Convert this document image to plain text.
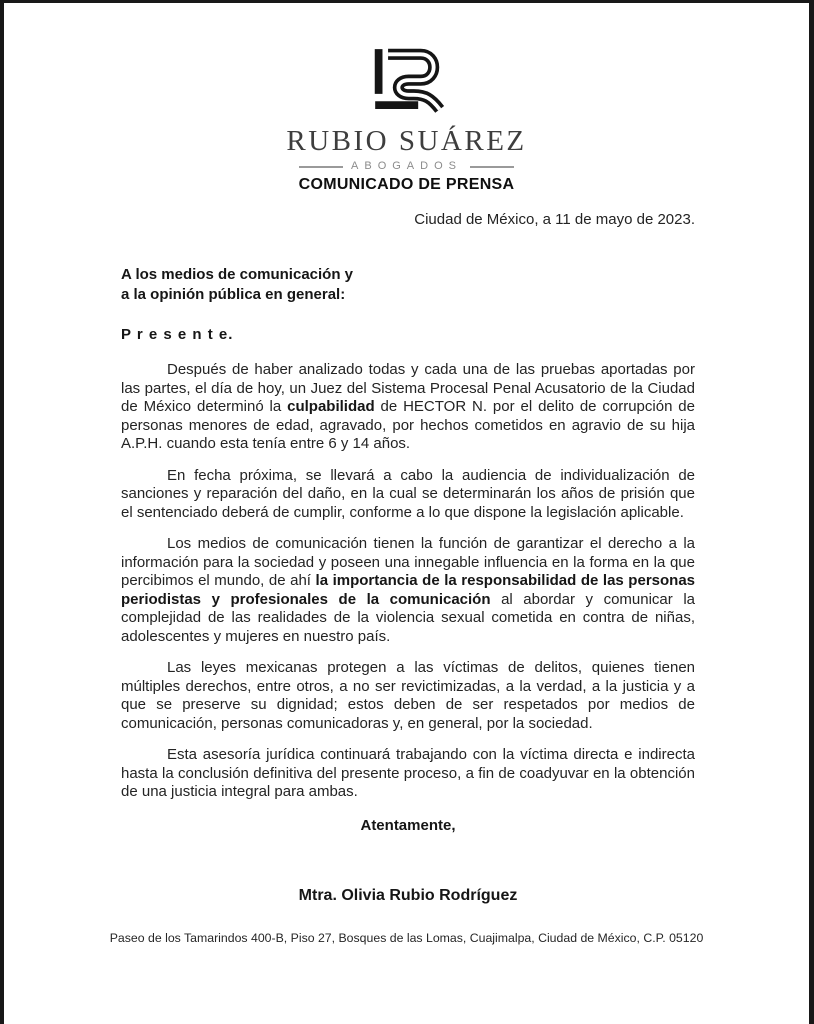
RUBIO SUÁREZ
ABOGADOS
COMUNICADO DE PRENSA
Ciudad de México, a 11 de mayo de 2023.
A los medios de comunicación y
a la opinión pública en general:
P r e s e n t e.

Después de haber analizado todas y cada una de las pruebas aportadas por las partes, el día de hoy, un Juez del Sistema Procesal Penal Acusatorio de la Ciudad de México determinó la culpabilidad de HECTOR N. por el delito de corrupción de personas menores de edad, agravado, por hechos cometidos en agravio de su hija A.P.H. cuando esta tenía entre 6 y 14 años.

En fecha próxima, se llevará a cabo la audiencia de individualización de sanciones y reparación del daño, en la cual se determinarán los años de prisión que el sentenciado deberá de cumplir, conforme a lo que dispone la legislación aplicable.

Los medios de comunicación tienen la función de garantizar el derecho a la información para la sociedad y poseen una innegable influencia en la forma en la que percibimos el mundo, de ahí la importancia de la responsabilidad de las personas periodistas y profesionales de la comunicación al abordar y comunicar la complejidad de las realidades de la violencia sexual cometida en contra de niñas, adolescentes y mujeres en nuestro país.

Las leyes mexicanas protegen a las víctimas de delitos, quienes tienen múltiples derechos, entre otros, a no ser revictimizadas, a la verdad, a la justicia y a que se preserve su dignidad; estos deben de ser respetados por medios de comunicación, personas comunicadoras y, en general, por la sociedad.

Esta asesoría jurídica continuará trabajando con la víctima directa e indirecta hasta la conclusión definitiva del presente proceso, a fin de coadyuvar en la obtención de una justicia integral para ambas.

Atentamente,
Mtra. Olivia Rubio Rodríguez
Paseo de los Tamarindos 400-B, Piso 27, Bosques de las Lomas, Cuajimalpa, Ciudad de México, C.P. 05120
